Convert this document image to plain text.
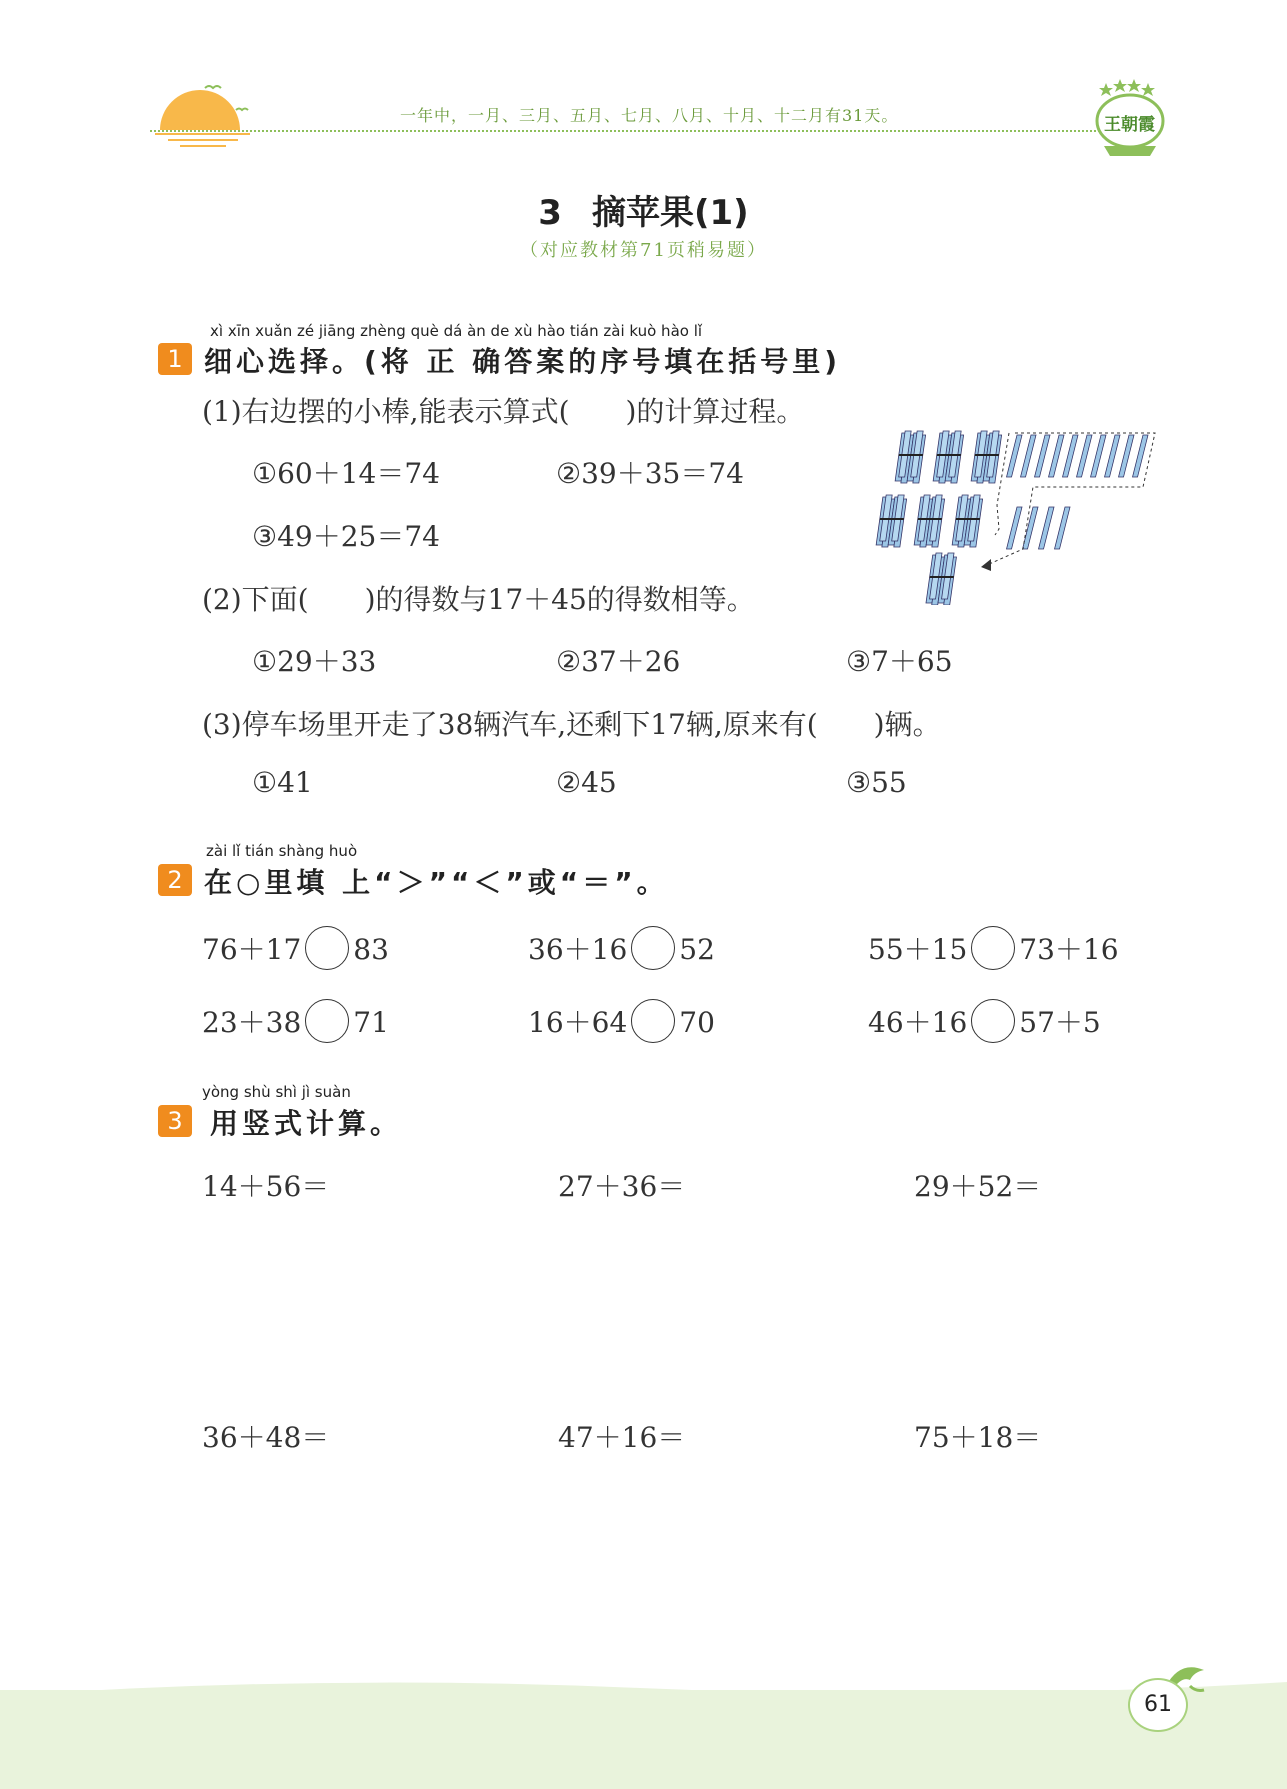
一年中，一月、三月、五月、七月、八月、十月、十二月有31天。	王朝霞
3 摘苹果(1)
（对应教材第71页稍易题）
xì xīn xuǎn zé jiāng zhèng què dá àn de xù hào tián zài kuò hào lǐ
1 细心选择。(将 正 确答案的序号填在括号里)
(1)右边摆的小棒,能表示算式(　　)的计算过程。
①60＋14＝74	②39＋35＝74
③49＋25＝74
(2)下面(　　)的得数与17＋45的得数相等。
①29＋33	②37＋26	③7＋65
(3)停车场里开走了38辆汽车,还剩下17辆,原来有(　　)辆。
①41	②45	③55
zài lǐ tián shàng huò
2 在○里填 上“＞”“＜”或“＝”。
76＋17 83	36＋16 52	55＋15 73＋16
23＋38 71	16＋64 70	46＋16 57＋5
yòng shù shì jì suàn
3 用竖式计算。
14＋56＝	27＋36＝	29＋52＝
36＋48＝	47＋16＝	75＋18＝
61
